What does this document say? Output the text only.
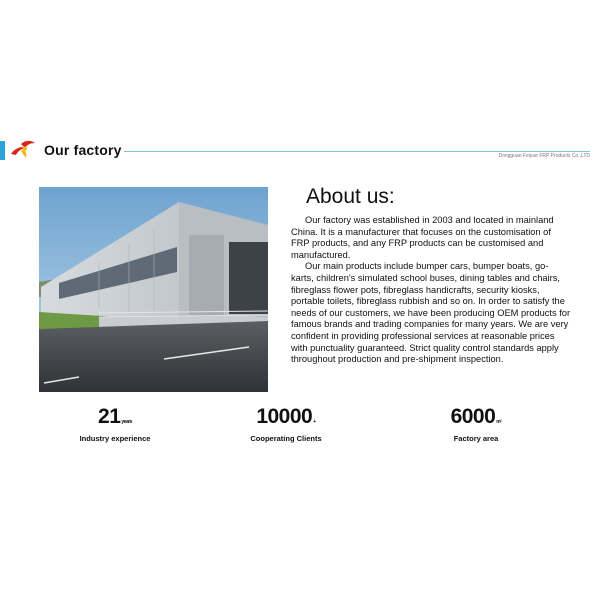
Our factory	Dongguan Feiyue FRP Products Co.,LTD
About us:

Our factory was established in 2003 and located in mainland China. It is a manufacturer that focuses on the customisation of FRP products, and any FRP products can be customised and manufactured.

Our main products include bumper cars, bumper boats, go-karts, children's simulated school buses, dining tables and chairs, fibreglass flower pots, fibreglass handicrafts, security kiosks, portable toilets, fibreglass rubbish and so on. In order to satisfy the needs of our customers, we have been producing OEM products for famous brands and trading companies for many years. We are very confident in providing professional services at reasonable prices with punctuality guaranteed. Strict quality control standards apply throughout production and pre-shipment inspection.

21years
Industry experience
10000+
Cooperating Clients
6000m²
Factory area
